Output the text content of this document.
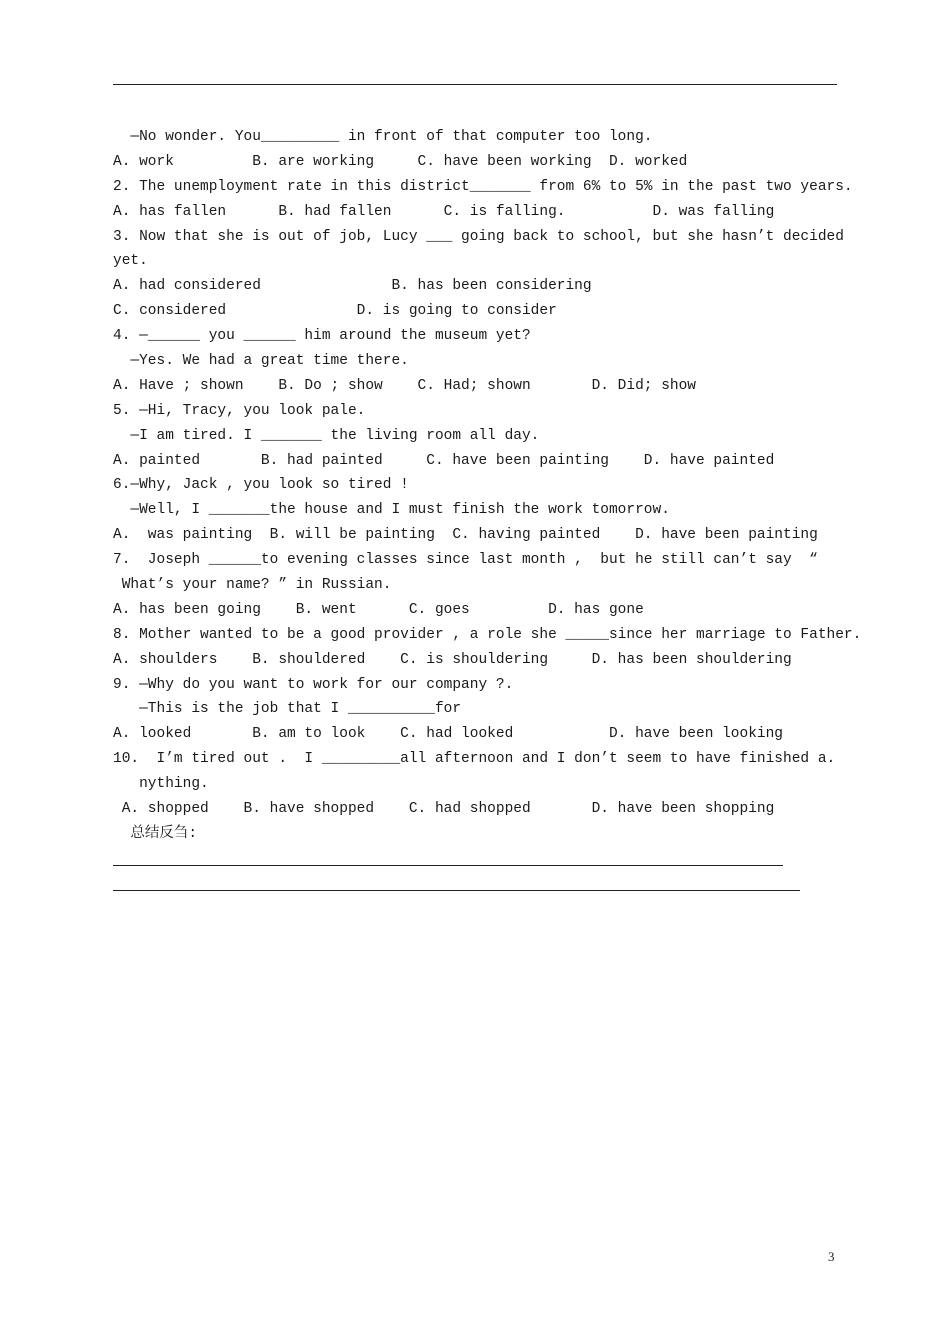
—No wonder. You_________ in front of that computer too long.
A. work         B. are working     C. have been working  D. worked
2. The unemployment rate in this district_______ from 6% to 5% in the past two years.
A. has fallen      B. had fallen      C. is falling.          D. was falling
3. Now that she is out of job, Lucy ___ going back to school, but she hasn’t decided
yet.
A. had considered               B. has been considering
C. considered               D. is going to consider
4. —______ you ______ him around the museum yet?
—Yes. We had a great time there.
A. Have ; shown    B. Do ; show    C. Had; shown       D. Did; show
5. —Hi, Tracy, you look pale.
—I am tired. I _______ the living room all day.
A. painted       B. had painted     C. have been painting    D. have painted
6.—Why, Jack , you look so tired !
—Well, I _______the house and I must finish the work tomorrow.
A.  was painting  B. will be painting  C. having painted    D. have been painting
7.  Joseph ______to evening classes since last month ,  but he still can’t say  “
What’s your name? ” in Russian.
A. has been going    B. went      C. goes         D. has gone
8. Mother wanted to be a good provider , a role she _____since her marriage to Father.
A. shoulders    B. shouldered    C. is shouldering     D. has been shouldering
9. —Why do you want to work for our company ?.
—This is the job that I __________for
A. looked       B. am to look    C. had looked           D. have been looking
10.  I’m tired out .  I _________all afternoon and I don’t seem to have finished a.
nything.
A. shopped    B. have shopped    C. had shopped       D. have been shopping
总结反刍:
3
